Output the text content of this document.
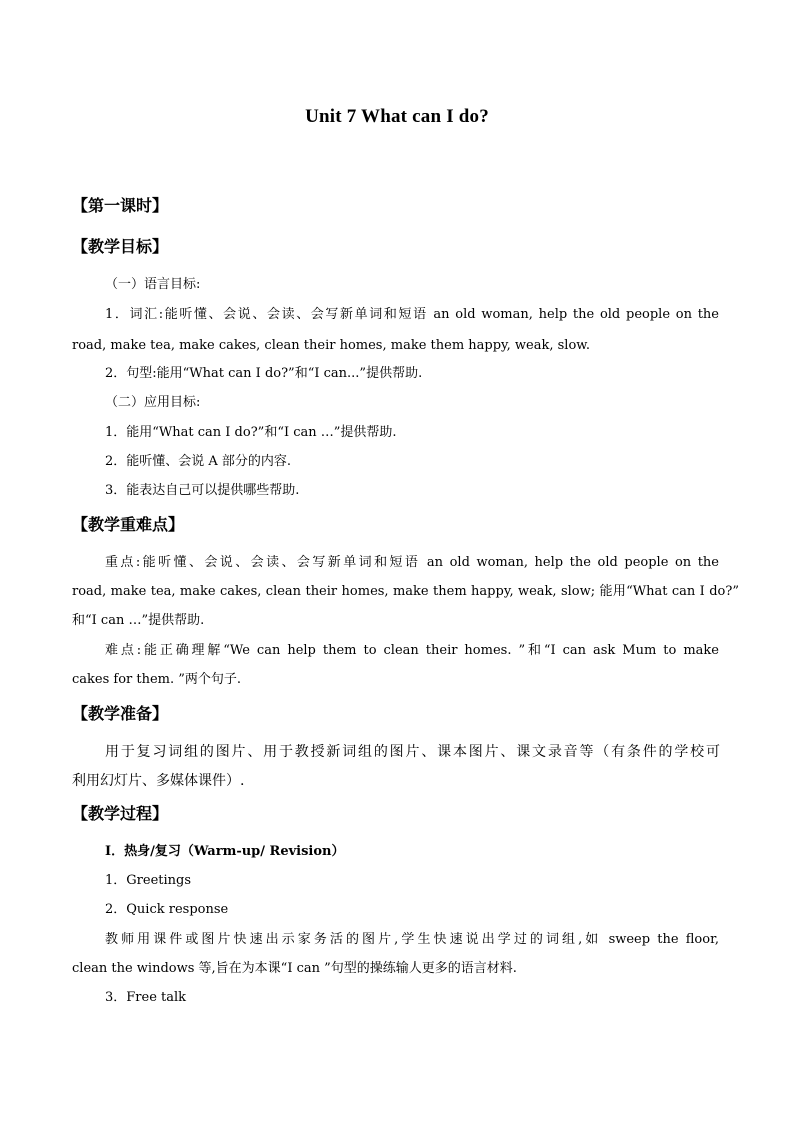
Unit 7 What can I do?
【第一课时】
【教学目标】
（一）语言目标:
1．词汇:能听懂、会说、会读、会写新单词和短语 an old woman, help the old people on the
road, make tea, make cakes, clean their homes, make them happy, weak, slow.
2．句型:能用“What can I do?”和“I can...”提供帮助.
（二）应用目标:
1．能用“What can I do?”和“I can …”提供帮助.
2．能听懂、会说 A 部分的内容.
3．能表达自己可以提供哪些帮助.
【教学重难点】
重点:能听懂、会说、会读、会写新单词和短语 an old woman, help the old people on the
road, make tea, make cakes, clean their homes, make them happy, weak, slow; 能用“What can I do?”
和“I can …”提供帮助.
难点:能正确理解“We can help them to clean their homes. ”和“I can ask Mum to make
cakes for them. ”两个句子.
【教学准备】
用于复习词组的图片、用于教授新词组的图片、课本图片、课文录音等（有条件的学校可
利用幻灯片、多媒体课件）.
【教学过程】
I．热身/复习（Warm-up/ Revision）
1．Greetings
2．Quick response
教师用课件或图片快速出示家务活的图片,学生快速说出学过的词组,如 sweep the floor,
clean the windows 等,旨在为本课“I can ”句型的操练输人更多的语言材料.
3．Free talk
